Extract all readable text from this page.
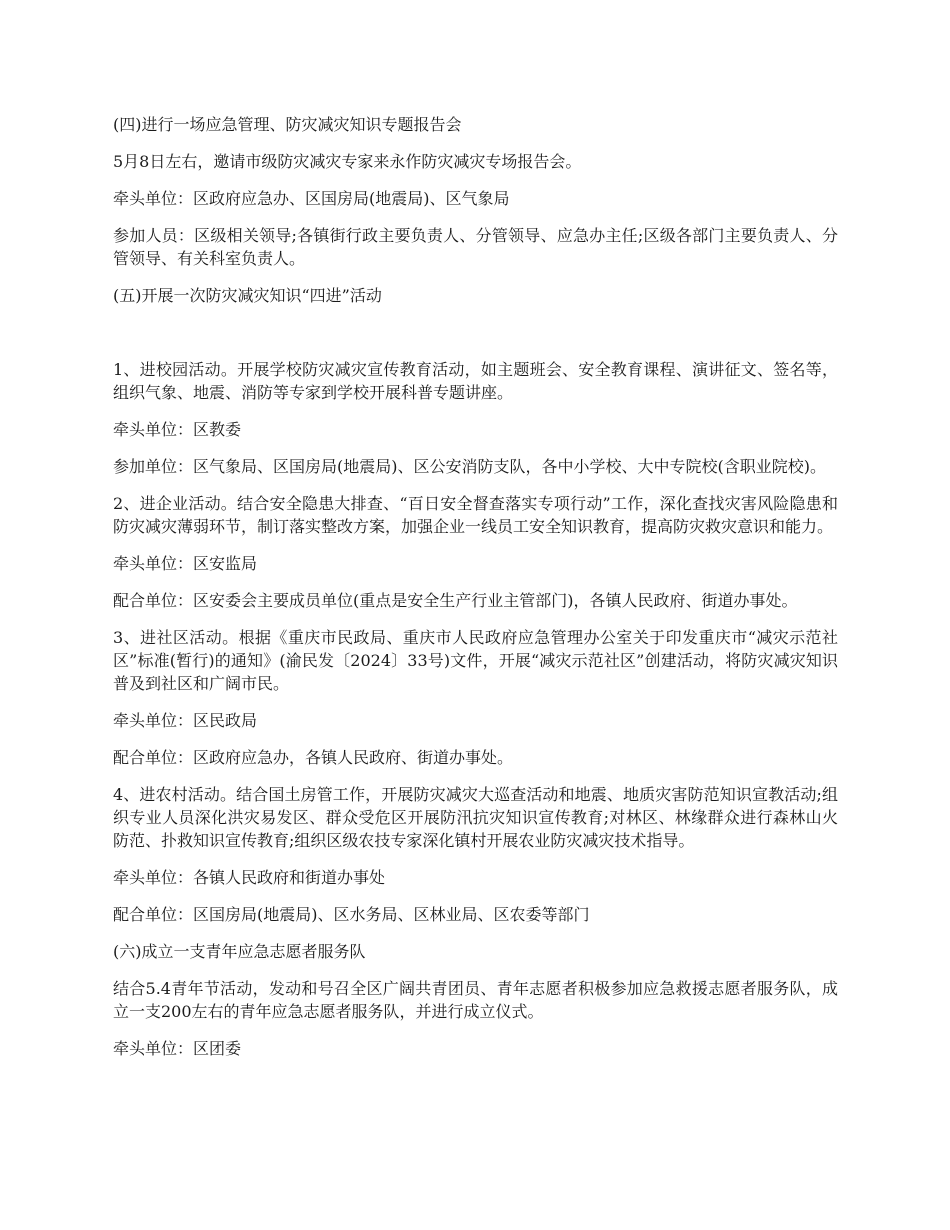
(四)进行一场应急管理、防灾减灾知识专题报告会

5月8日左右，邀请市级防灾减灾专家来永作防灾减灾专场报告会。

牵头单位：区政府应急办、区国房局(地震局)、区气象局

参加人员：区级相关领导;各镇街行政主要负责人、分管领导、应急办主任;区级各部门主要负责人、分管领导、有关科室负责人。

(五)开展一次防灾减灾知识“四进”活动

1、进校园活动。开展学校防灾减灾宣传教育活动，如主题班会、安全教育课程、演讲征文、签名等，组织气象、地震、消防等专家到学校开展科普专题讲座。

牵头单位：区教委

参加单位：区气象局、区国房局(地震局)、区公安消防支队，各中小学校、大中专院校(含职业院校)。

2、进企业活动。结合安全隐患大排查、“百日安全督查落实专项行动”工作，深化查找灾害风险隐患和防灾减灾薄弱环节，制订落实整改方案，加强企业一线员工安全知识教育，提高防灾救灾意识和能力。

牵头单位：区安监局

配合单位：区安委会主要成员单位(重点是安全生产行业主管部门)，各镇人民政府、街道办事处。

3、进社区活动。根据《重庆市民政局、重庆市人民政府应急管理办公室关于印发重庆市“减灾示范社区”标准(暂行)的通知》(渝民发〔2024〕33号)文件，开展“减灾示范社区”创建活动，将防灾减灾知识普及到社区和广阔市民。

牵头单位：区民政局

配合单位：区政府应急办，各镇人民政府、街道办事处。

4、进农村活动。结合国土房管工作，开展防灾减灾大巡查活动和地震、地质灾害防范知识宣教活动;组织专业人员深化洪灾易发区、群众受危区开展防汛抗灾知识宣传教育;对林区、林缘群众进行森林山火防范、扑救知识宣传教育;组织区级农技专家深化镇村开展农业防灾减灾技术指导。

牵头单位：各镇人民政府和街道办事处

配合单位：区国房局(地震局)、区水务局、区林业局、区农委等部门

(六)成立一支青年应急志愿者服务队

结合5.4青年节活动，发动和号召全区广阔共青团员、青年志愿者积极参加应急救援志愿者服务队，成立一支200左右的青年应急志愿者服务队，并进行成立仪式。

牵头单位：区团委
